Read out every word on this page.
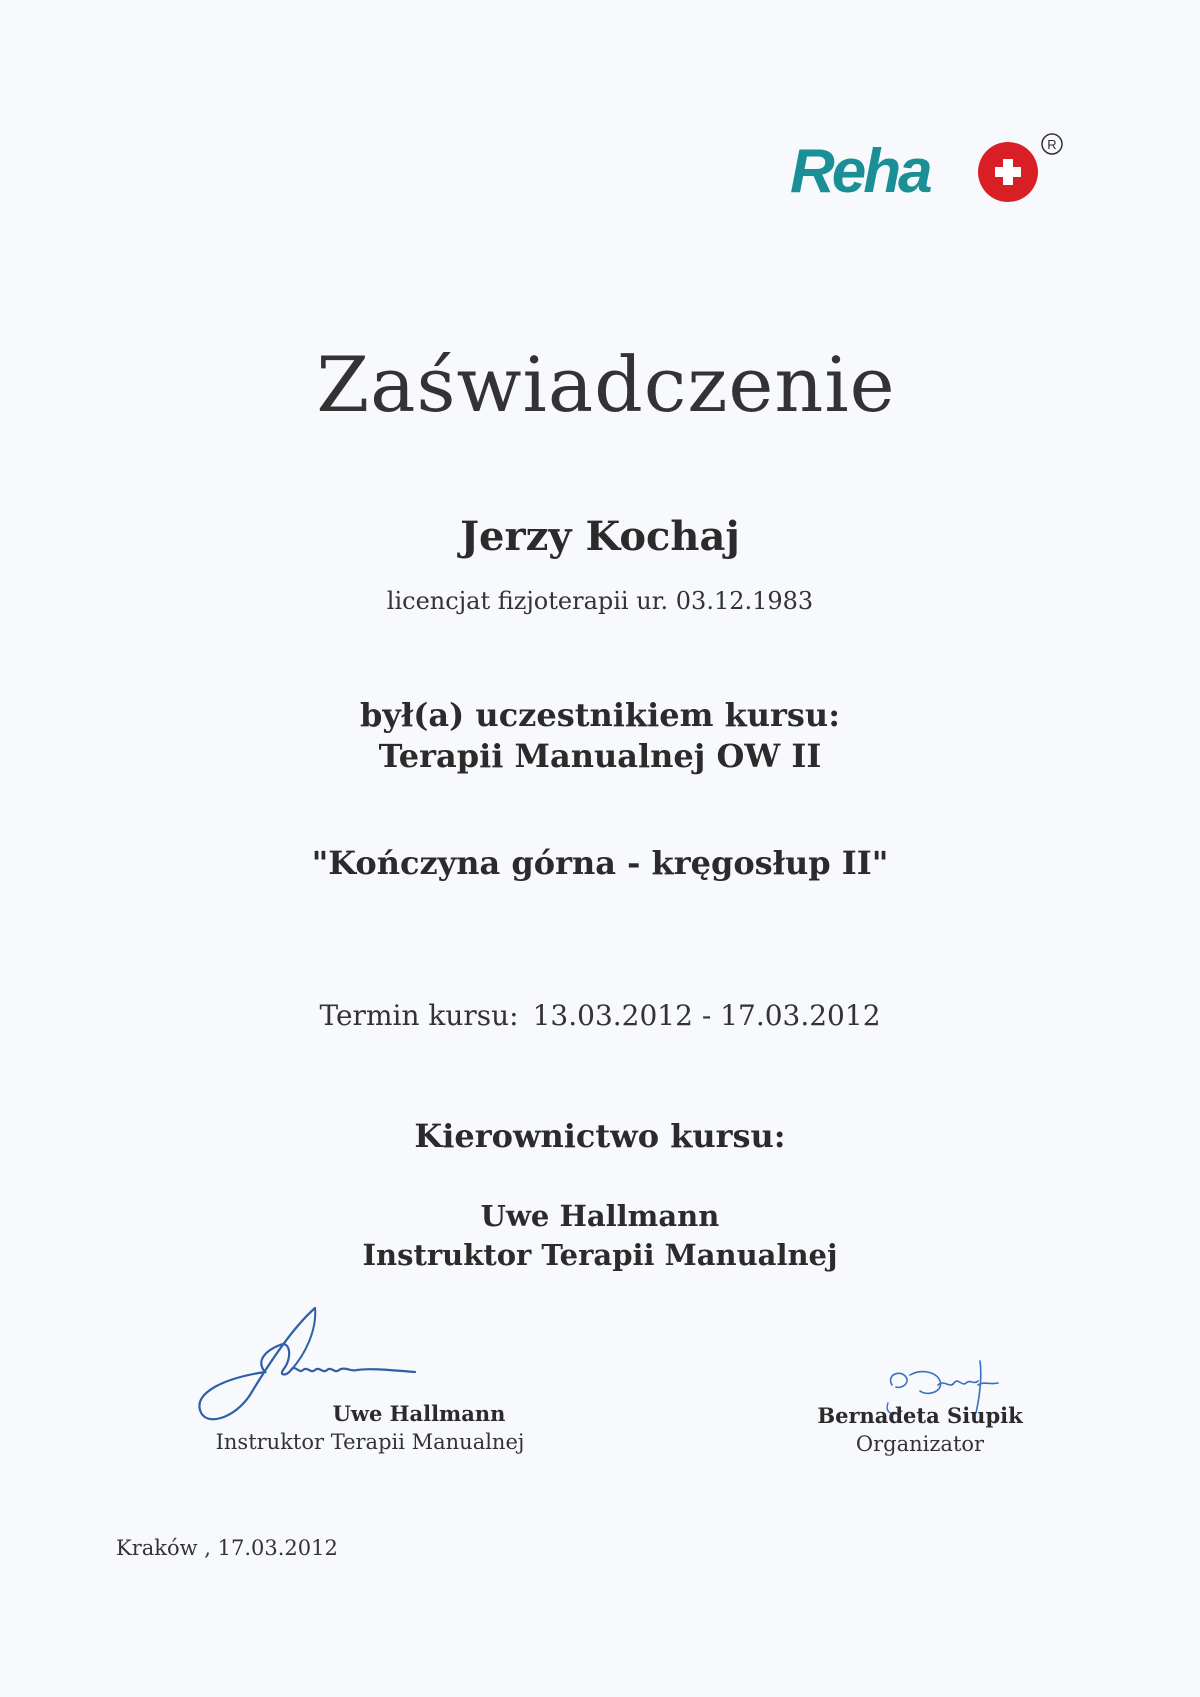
Reha	R
Zaświadczenie
Jerzy Kochaj
licencjat fizjoterapii ur. 03.12.1983
był(a) uczestnikiem kursu:
Terapii Manualnej OW II
"Kończyna górna - kręgosłup II"
Termin kursu: 13.03.2012 - 17.03.2012
Kierownictwo kursu:
Uwe Hallmann
Instruktor Terapii Manualnej
Uwe Hallmann
Instruktor Terapii Manualnej
Bernadeta Siupik
Organizator
Kraków , 17.03.2012
